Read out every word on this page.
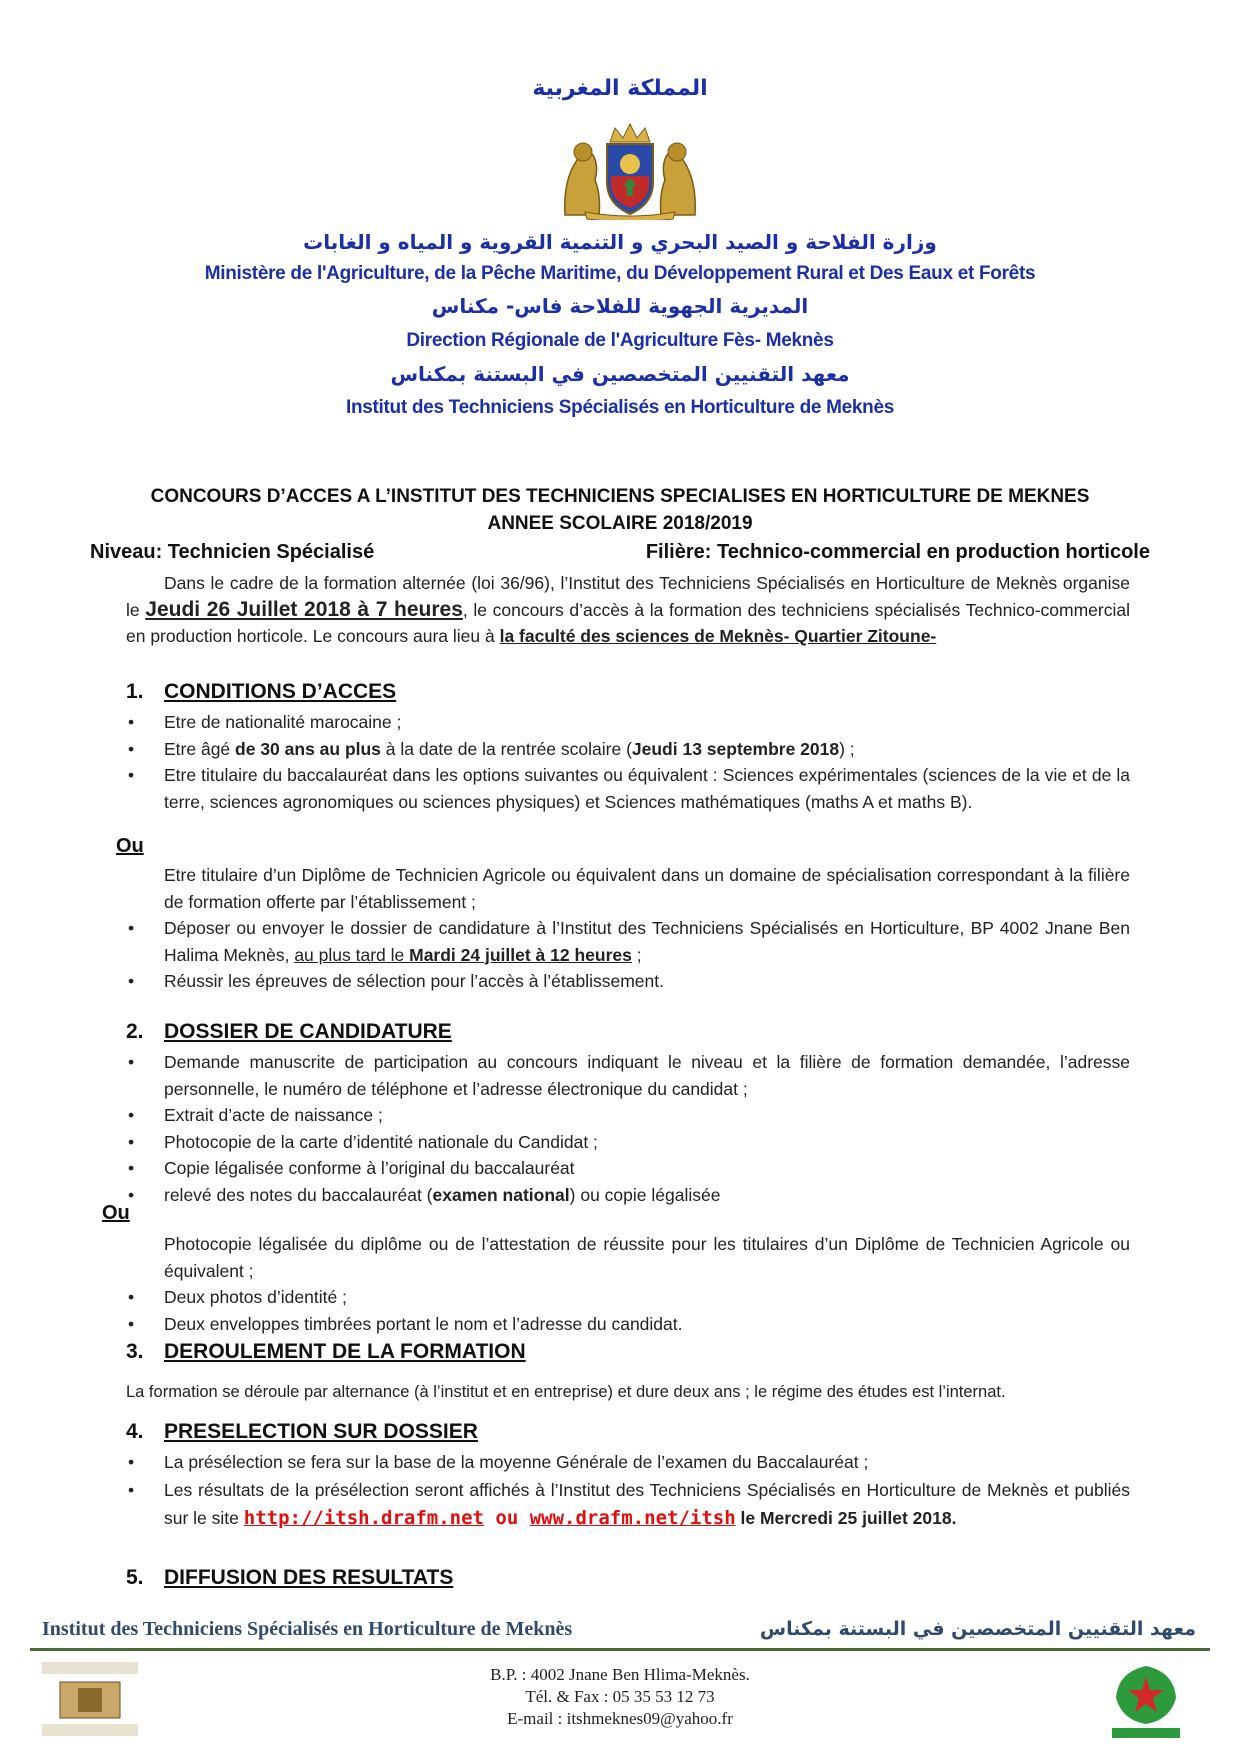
المملكة المغربية
وزارة الفلاحة و الصيد البحري و التنمية القروية و المياه و الغابات
Ministère de l'Agriculture, de la Pêche Maritime, du Développement Rural et Des Eaux et Forêts
المديرية الجهوية للفلاحة فاس- مكناس
Direction Régionale de l'Agriculture Fès- Meknès
معهد التقنيين المتخصصين في البستنة بمكناس
Institut des Techniciens Spécialisés en Horticulture de Meknès
CONCOURS D’ACCES A L’INSTITUT DES TECHNICIENS SPECIALISES EN HORTICULTURE DE MEKNES
ANNEE SCOLAIRE 2018/2019
Niveau: Technicien Spécialisé	Filière: Technico-commercial en production horticole
Dans le cadre de la formation alternée (loi 36/96), l’Institut des Techniciens Spécialisés en Horticulture de Meknès organise le Jeudi 26 Juillet 2018 à 7 heures, le concours d’accès à la formation des techniciens spécialisés Technico-commercial en production horticole. Le concours aura lieu à la faculté des sciences de Meknès- Quartier Zitoune-
1. CONDITIONS D’ACCES
• Etre de nationalité marocaine ;
• Etre âgé de 30 ans au plus à la date de la rentrée scolaire (Jeudi 13 septembre 2018) ;
• Etre titulaire du baccalauréat dans les options suivantes ou équivalent : Sciences expérimentales (sciences de la vie et de la terre, sciences agronomiques ou sciences physiques) et Sciences mathématiques (maths A et maths B).
Ou
Etre titulaire d’un Diplôme de Technicien Agricole ou équivalent dans un domaine de spécialisation correspondant à la filière de formation offerte par l’établissement ;
• Déposer ou envoyer le dossier de candidature à l’Institut des Techniciens Spécialisés en Horticulture, BP 4002 Jnane Ben Halima Meknès, au plus tard le Mardi 24 juillet à 12 heures ;
• Réussir les épreuves de sélection pour l’accès à l’établissement.
2. DOSSIER DE CANDIDATURE
• Demande manuscrite de participation au concours indiquant le niveau et la filière de formation demandée, l’adresse personnelle, le numéro de téléphone et l’adresse électronique du candidat ;
• Extrait d’acte de naissance ;
• Photocopie de la carte d’identité nationale du Candidat ;
• Copie légalisée conforme à l’original du baccalauréat
• relevé des notes du baccalauréat (examen national) ou copie légalisée
Ou
Photocopie légalisée du diplôme ou de l’attestation de réussite pour les titulaires d’un Diplôme de Technicien Agricole ou équivalent ;
• Deux photos d’identité ;
• Deux enveloppes timbrées portant le nom et l’adresse du candidat.
3. DEROULEMENT DE LA FORMATION
La formation se déroule par alternance (à l’institut et en entreprise) et dure deux ans ; le régime des études est l’internat.
4. PRESELECTION SUR DOSSIER
• La présélection se fera sur la base de la moyenne Générale de l’examen du Baccalauréat ;
• Les résultats de la présélection seront affichés à l’Institut des Techniciens Spécialisés en Horticulture de Meknès et publiés sur le site http://itsh.drafm.net ou www.drafm.net/itsh le Mercredi 25 juillet 2018.
5. DIFFUSION DES RESULTATS
Institut des Techniciens Spécialisés en Horticulture de Meknès	معهد التقنيين المتخصصين في البستنة بمكناس
B.P. : 4002 Jnane Ben Hlima-Meknès.
Tél. & Fax : 05 35 53 12 73
E-mail : itshmeknes09@yahoo.fr
